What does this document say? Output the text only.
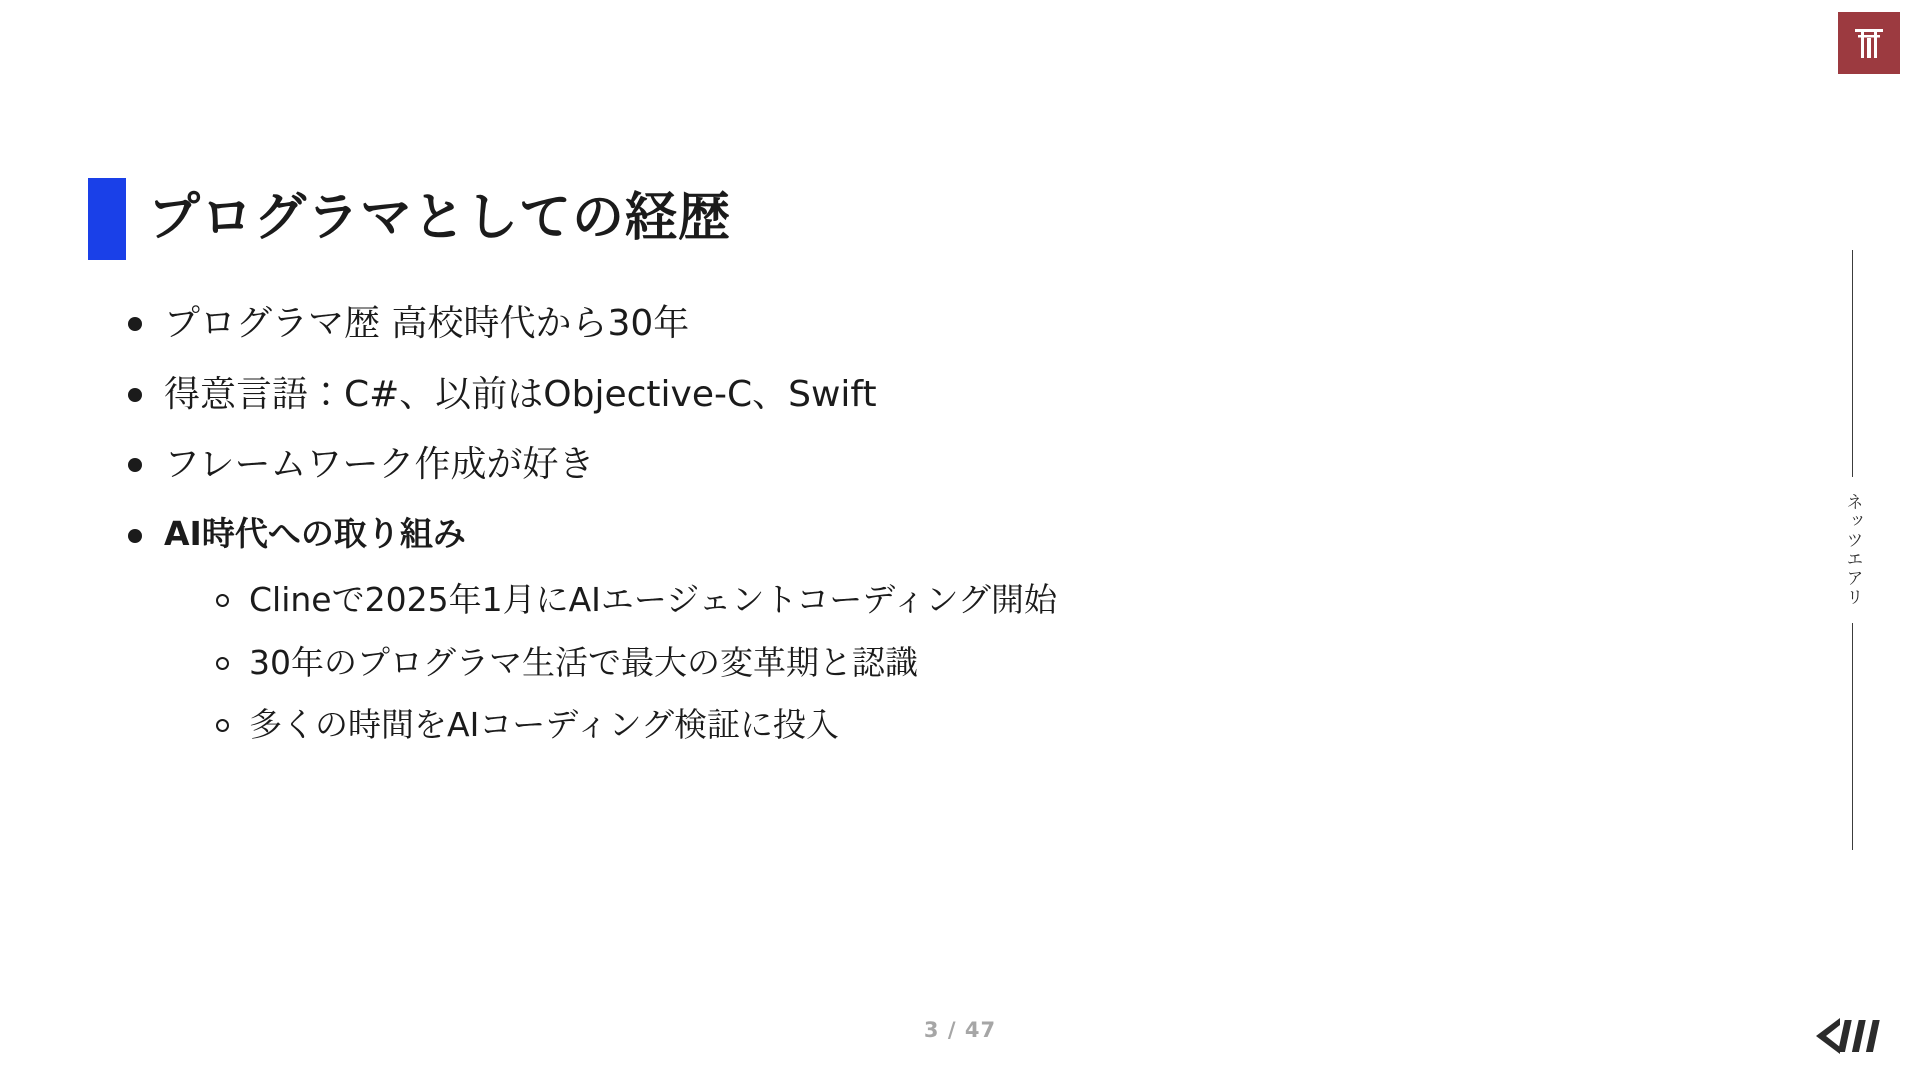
ネッツエアリ
プログラマとしての経歴
プログラマ歴 高校時代から30年
得意言語：C#、以前はObjective-C、Swift
フレームワーク作成が好き
AI時代への取り組み
Clineで2025年1月にAIエージェントコーディング開始
30年のプログラマ生活で最大の変革期と認識
多くの時間をAIコーディング検証に投入
3 / 47
